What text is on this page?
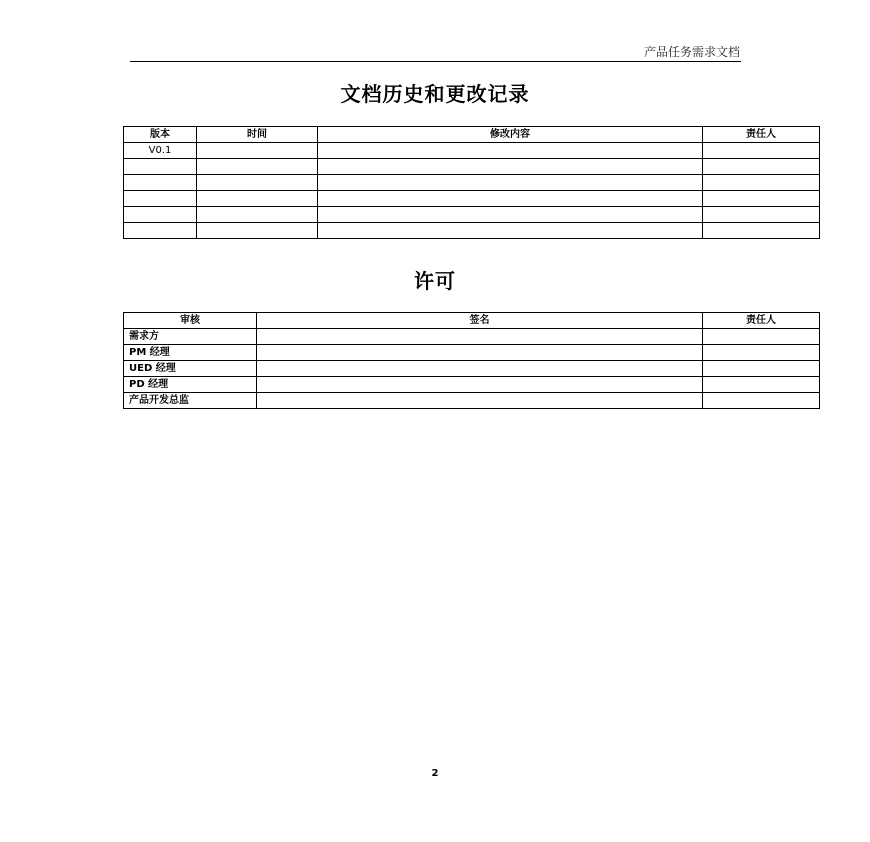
产品任务需求文档
文档历史和更改记录
版本	时间	修改内容	责任人
V0.1			

许可
审核	签名	责任人
需求方		
PM 经理		
UED 经理		
PD 经理		
产品开发总监		
2
